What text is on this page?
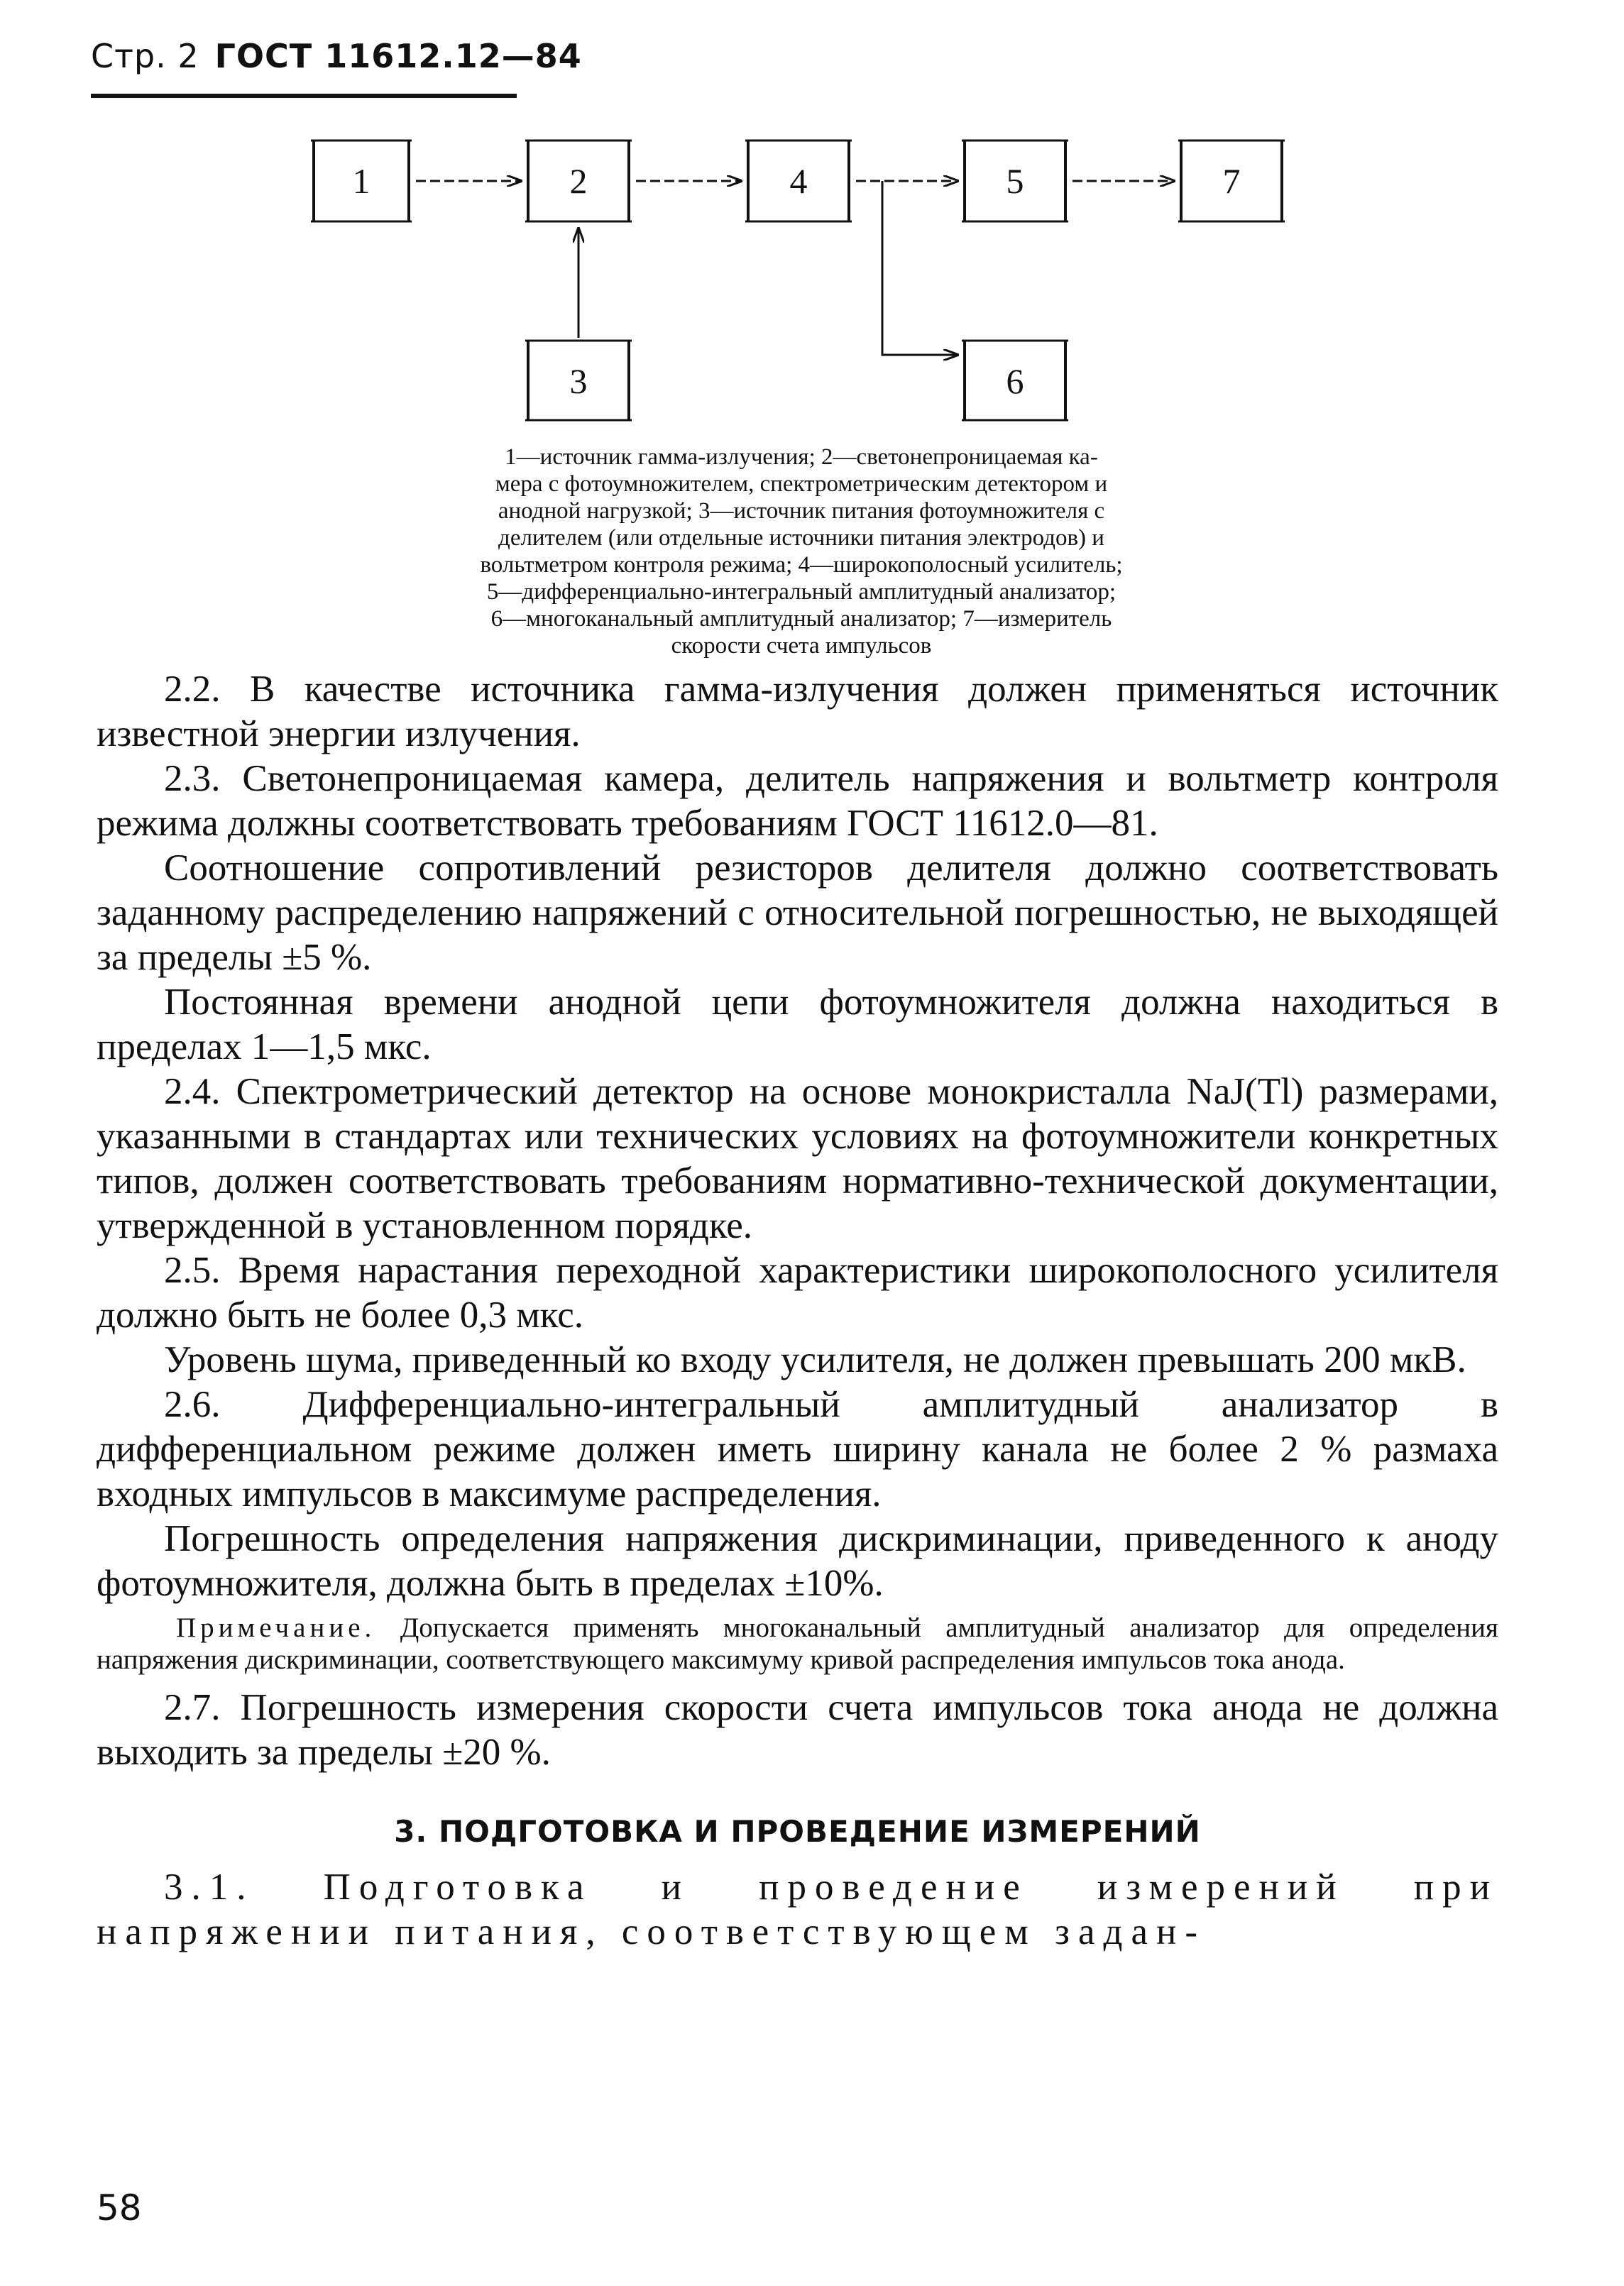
Стр. 2 ГОСТ 11612.12—84
1	2
3
4	5
6
7
1—источник гамма-излучения; 2—светонепроницаемая ка-
мера с фотоумножителем, спектрометрическим детектором и
анодной нагрузкой; 3—источник питания фотоумножителя с
делителем (или отдельные источники питания электродов) и
вольтметром контроля режима; 4—широкополосный усилитель;
5—дифференциально-интегральный амплитудный анализатор;
6—многоканальный амплитудный анализатор; 7—измеритель
скорости счета импульсов

2.2. В качестве источника гамма-излучения должен применяться источник известной энергии излучения.

2.3. Светонепроницаемая камера, делитель напряжения и вольтметр контроля режима должны соответствовать требованиям ГОСТ 11612.0—81.

Соотношение сопротивлений резисторов делителя должно соответствовать заданному распределению напряжений с относительной погрешностью, не выходящей за пределы ±5 %.

Постоянная времени анодной цепи фотоумножителя должна находиться в пределах 1—1,5 мкс.

2.4. Спектрометрический детектор на основе монокристалла NaJ(Tl) размерами, указанными в стандартах или технических условиях на фотоумножители конкретных типов, должен соответствовать требованиям нормативно-технической документации, утвержденной в установленном порядке.

2.5. Время нарастания переходной характеристики широкополосного усилителя должно быть не более 0,3 мкс.

Уровень шума, приведенный ко входу усилителя, не должен превышать 200 мкВ.

2.6. Дифференциально-интегральный амплитудный анализатор в дифференциальном режиме должен иметь ширину канала не более 2 % размаха входных импульсов в максимуме распределения.

Погрешность определения напряжения дискриминации, приведенного к аноду фотоумножителя, должна быть в пределах ±10%.

Примечание. Допускается применять многоканальный амплитудный анализатор для определения напряжения дискриминации, соответствующего максимуму кривой распределения импульсов тока анода.

2.7. Погрешность измерения скорости счета импульсов тока анода не должна выходить за пределы ±20 %.

3. ПОДГОТОВКА И ПРОВЕДЕНИЕ ИЗМЕРЕНИЙ

3.1. Подготовка и проведение измерений при напряжении питания, соответствующем задан-

58
